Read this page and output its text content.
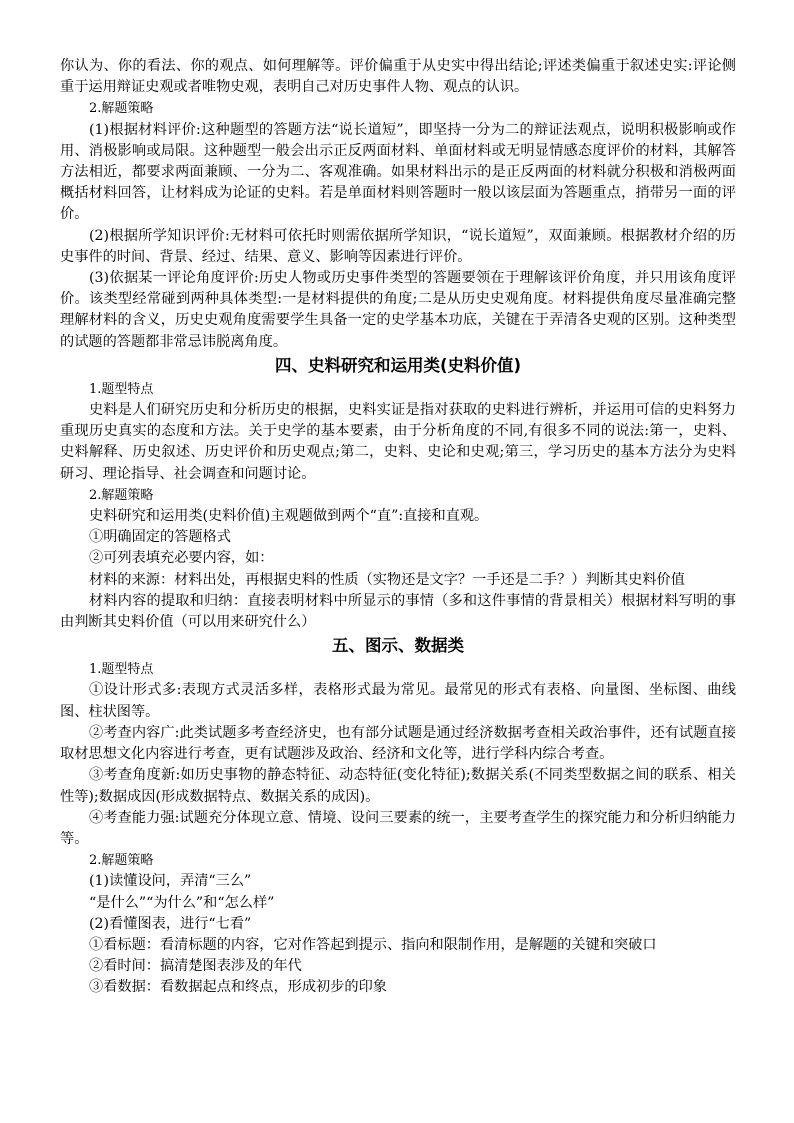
你认为、你的看法、你的观点、如何理解等。评价偏重于从史实中得出结论;评述类偏重于叙述史实:评论侧重于运用辩证史观或者唯物史观，表明自己对历史事件人物、观点的认识。

2.解题策略

(1)根据材料评价:这种题型的答题方法“说长道短”，即坚持一分为二的辩证法观点，说明积极影响或作用、消极影响或局限。这种题型一般会出示正反两面材料、单面材料或无明显情感态度评价的材料，其解答方法相近，都要求两面兼顾、一分为二、客观准确。如果材料出示的是正反两面的材料就分积极和消极两面概括材料回答，让材料成为论证的史料。若是单面材料则答题时一般以该层面为答题重点，捎带另一面的评价。

(2)根据所学知识评价:无材料可依托时则需依据所学知识，“说长道短”，双面兼顾。根据教材介绍的历史事件的时间、背景、经过、结果、意义、影响等因素进行评价。

(3)依据某一评论角度评价:历史人物或历史事件类型的答题要领在于理解该评价角度，并只用该角度评价。该类型经常碰到两种具体类型:一是材料提供的角度;二是从历史史观角度。材料提供角度尽量准确完整理解材料的含义，历史史观角度需要学生具备一定的史学基本功底，关键在于弄清各史观的区别。这种类型的试题的答题都非常忌讳脱离角度。

四、史料研究和运用类(史料价值)

1.题型特点

史料是人们研究历史和分析历史的根据，史料实证是指对获取的史料进行辨析，并运用可信的史料努力重现历史真实的态度和方法。关于史学的基本要素，由于分析角度的不同,有很多不同的说法:第一，史料、史料解释、历史叙述、历史评价和历史观点;第二，史料、史论和史观;第三，学习历史的基本方法分为史料研习、理论指导、社会调查和问题讨论。

2.解题策略

史料研究和运用类(史料价值)主观题做到两个“直”:直接和直观。

①明确固定的答题格式

②可列表填充必要内容，如：

材料的来源：材料出处，再根据史料的性质（实物还是文字？一手还是二手？）判断其史料价值

材料内容的提取和归纳：直接表明材料中所显示的事情（多和这件事情的背景相关）根据材料写明的事由判断其史料价值（可以用来研究什么）

五、图示、数据类

1.题型特点

①设计形式多:表现方式灵活多样，表格形式最为常见。最常见的形式有表格、向量图、坐标图、曲线图、柱状图等。

②考查内容广:此类试题多考查经济史，也有部分试题是通过经济数据考查相关政治事件，还有试题直接取材思想文化内容进行考查，更有试题涉及政治、经济和文化等，进行学科内综合考查。

③考查角度新:如历史事物的静态特征、动态特征(变化特征);数据关系(不同类型数据之间的联系、相关性等);数据成因(形成数据特点、数据关系的成因)。

④考查能力强:试题充分体现立意、情境、设问三要素的统一，主要考查学生的探究能力和分析归纳能力等。

2.解题策略

(1)读懂设问，弄清“三么”

“是什么”“为什么”和“怎么样”

(2)看懂图表，进行“七看”

①看标题：看清标题的内容，它对作答起到提示、指向和限制作用，是解题的关键和突破口

②看时间：搞清楚图表涉及的年代

③看数据：看数据起点和终点，形成初步的印象
